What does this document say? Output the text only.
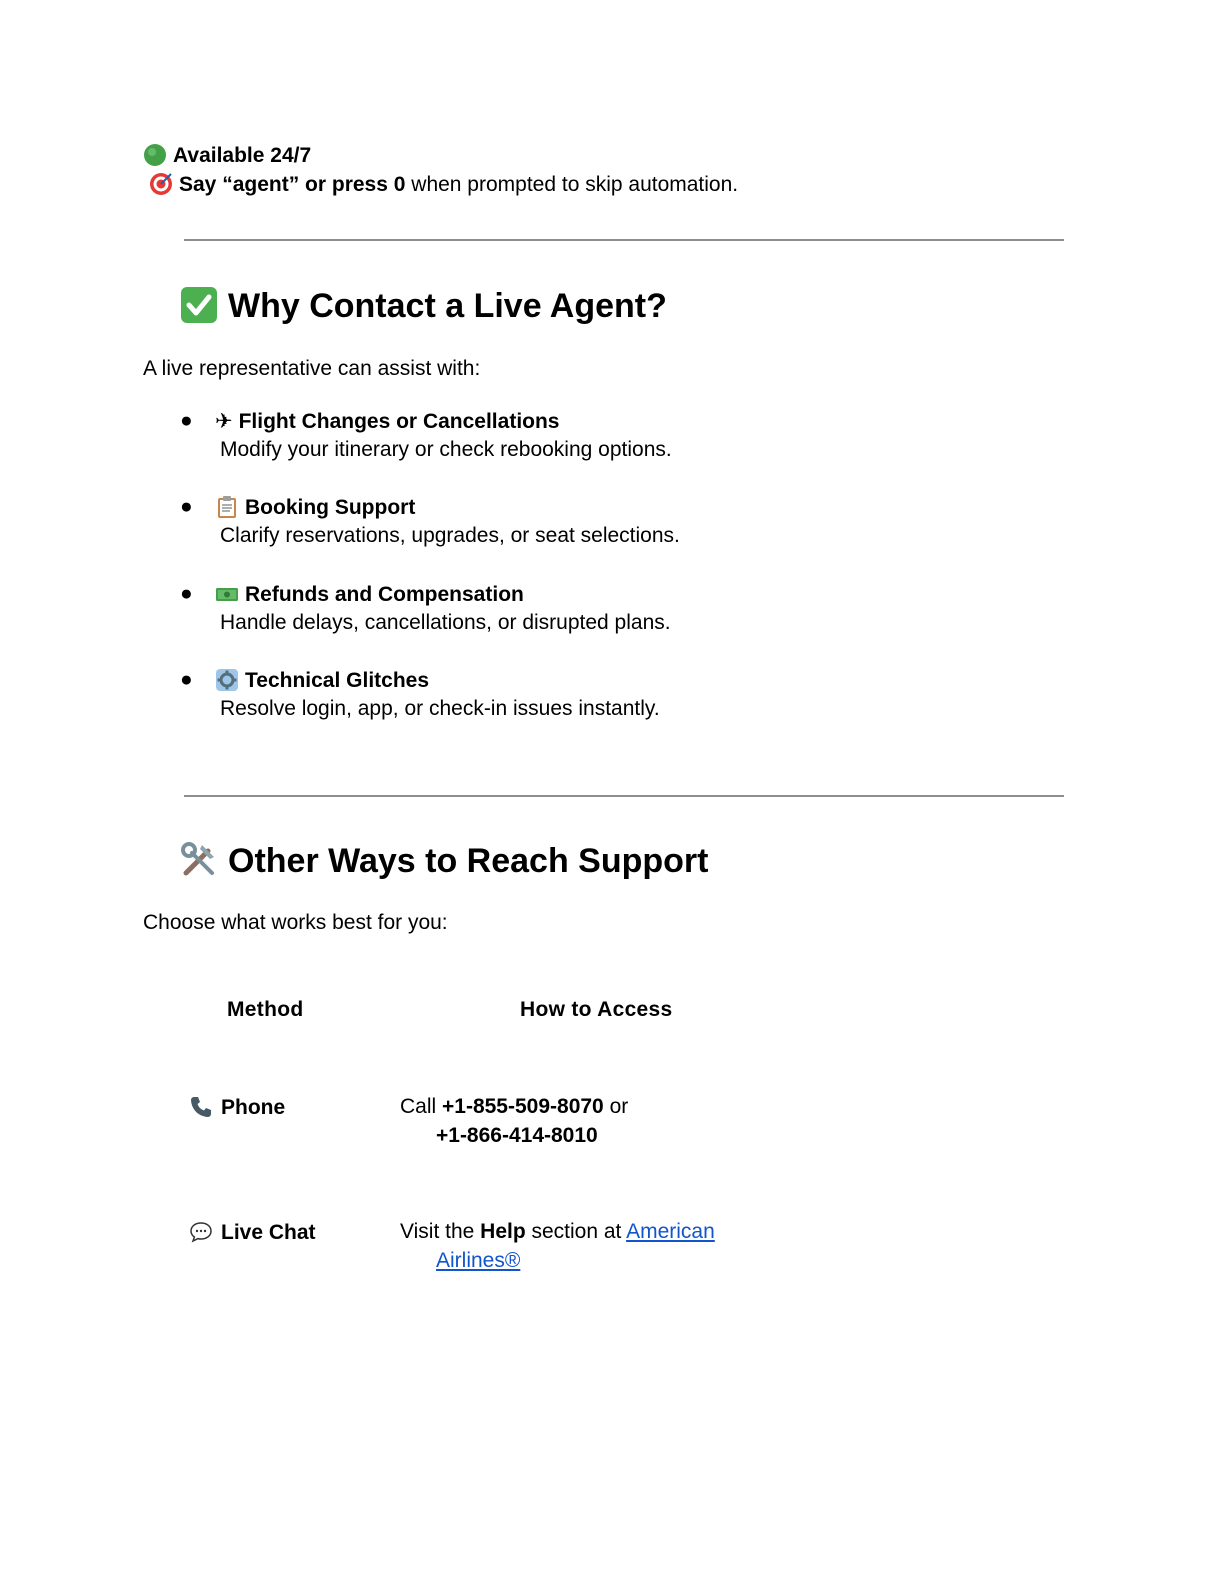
Available 24/7
Say “agent” or press 0 when prompted to skip automation.
Why Contact a Live Agent?
A live representative can assist with:
● ✈ Flight Changes or Cancellations
Modify your itinerary or check rebooking options.
●	Booking Support
Clarify reservations, upgrades, or seat selections.
●	Refunds and Compensation
Handle delays, cancellations, or disrupted plans.
●	Technical Glitches
Resolve login, app, or check-in issues instantly.
Other Ways to Reach Support
Choose what works best for you:
Method	How to Access
Phone	Call +1-855-509-8070 or
+1-866-414-8010
Live Chat	Visit the Help section at American
Airlines®
